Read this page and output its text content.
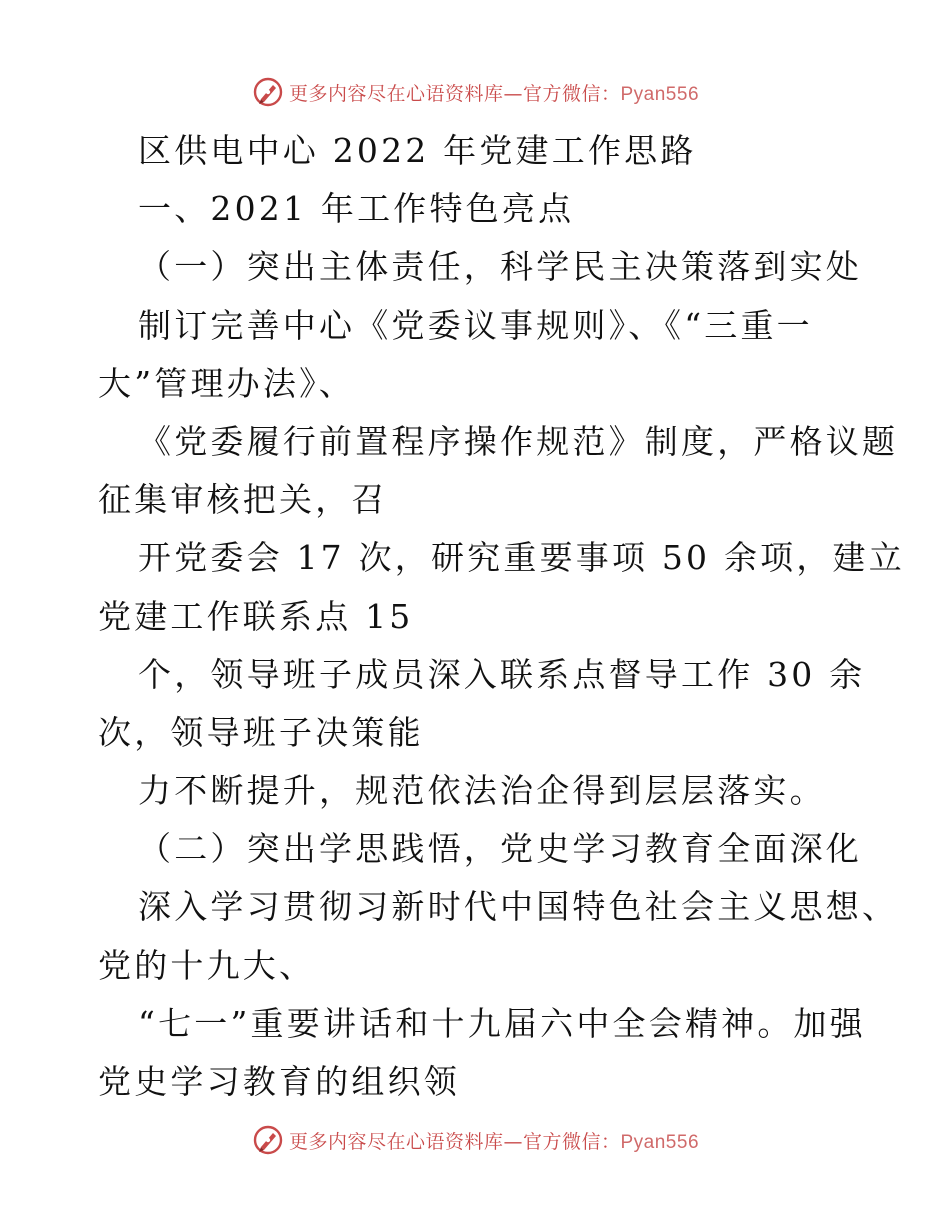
更多内容尽在心语资料库—官方微信：Pyan556
区供电中心 2022 年党建工作思路
一、2021 年工作特色亮点
（一）突出主体责任，科学民主决策落到实处
制订完善中心《党委议事规则》、《“三重一
大”管理办法》、
《党委履行前置程序操作规范》制度，严格议题
征集审核把关，召
开党委会 17 次，研究重要事项 50 余项，建立
党建工作联系点 15
个，领导班子成员深入联系点督导工作 30 余
次，领导班子决策能
力不断提升，规范依法治企得到层层落实。
（二）突出学思践悟，党史学习教育全面深化
深入学习贯彻习新时代中国特色社会主义思想、
党的十九大、
“七一”重要讲话和十九届六中全会精神。加强
党史学习教育的组织领
更多内容尽在心语资料库—官方微信：Pyan556
